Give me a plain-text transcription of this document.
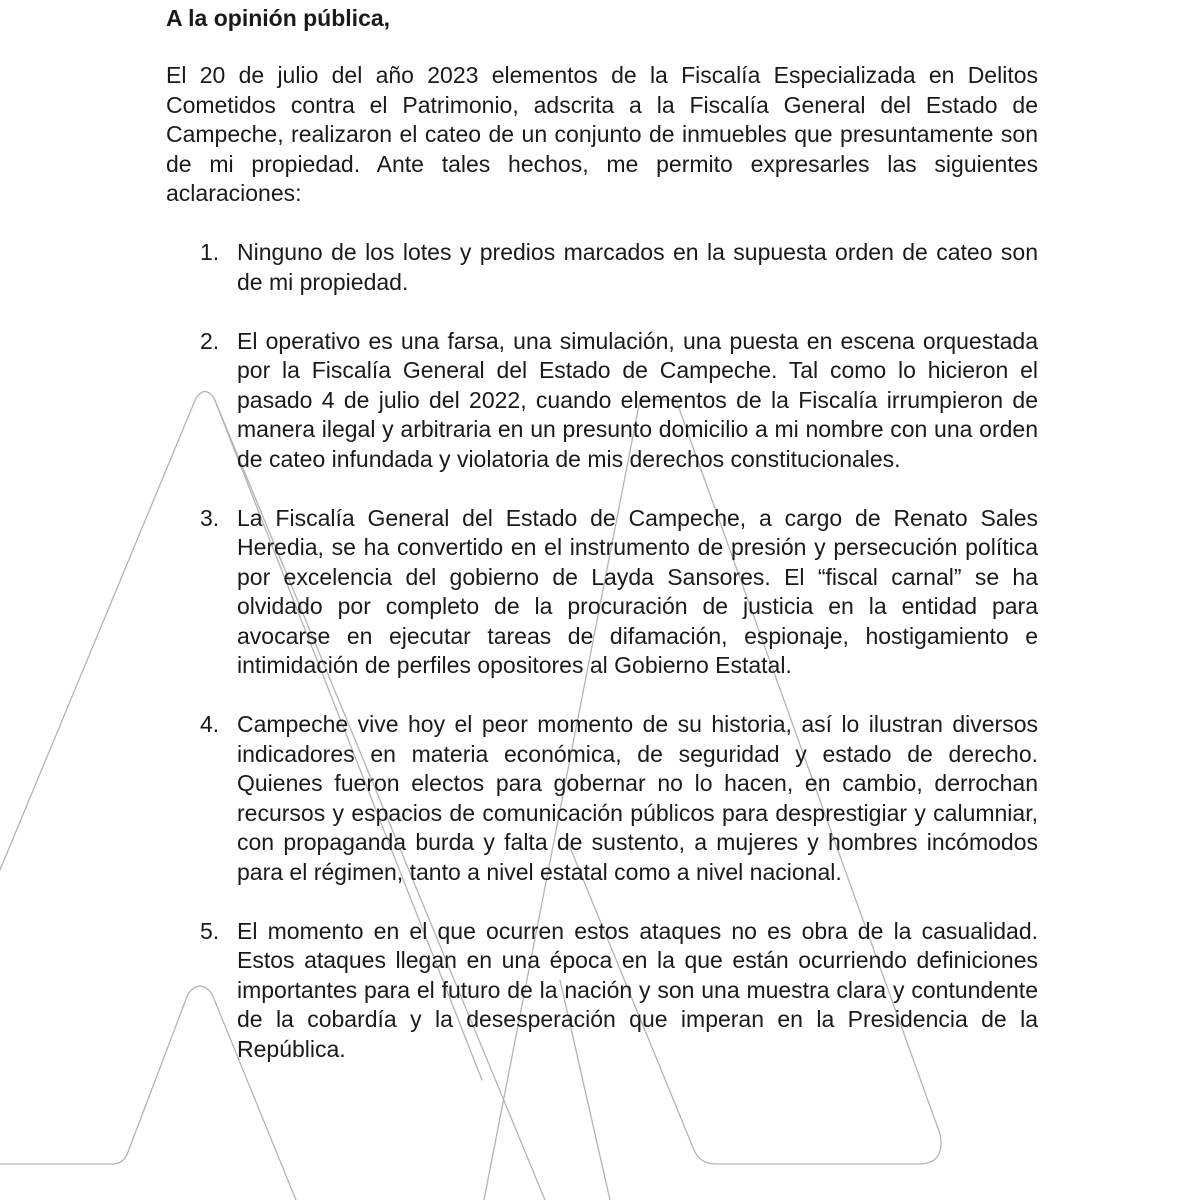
A la opinión pública,

El 20 de julio del año 2023 elementos de la Fiscalía Especializada en Delitos Cometidos contra el Patrimonio, adscrita a la Fiscalía General del Estado de Campeche, realizaron el cateo de un conjunto de inmuebles que presuntamente son de mi propiedad. Ante tales hechos, me permito expresarles las siguientes aclaraciones:

1. Ninguno de los lotes y predios marcados en la supuesta orden de cateo son de mi propiedad.
2. El operativo es una farsa, una simulación, una puesta en escena orquestada por la Fiscalía General del Estado de Campeche. Tal como lo hicieron el pasado 4 de julio del 2022, cuando elementos de la Fiscalía irrumpieron de manera ilegal y arbitraria en un presunto domicilio a mi nombre con una orden de cateo infundada y violatoria de mis derechos constitucionales.
3. La Fiscalía General del Estado de Campeche, a cargo de Renato Sales Heredia, se ha convertido en el instrumento de presión y persecución política por excelencia del gobierno de Layda Sansores. El “fiscal carnal” se ha olvidado por completo de la procuración de justicia en la entidad para avocarse en ejecutar tareas de difamación, espionaje, hostigamiento e intimidación de perfiles opositores al Gobierno Estatal.
4. Campeche vive hoy el peor momento de su historia, así lo ilustran diversos indicadores en materia económica, de seguridad y estado de derecho. Quienes fueron electos para gobernar no lo hacen, en cambio, derrochan recursos y espacios de comunicación públicos para desprestigiar y calumniar, con propaganda burda y falta de sustento, a mujeres y hombres incómodos para el régimen, tanto a nivel estatal como a nivel nacional.
5. El momento en el que ocurren estos ataques no es obra de la casualidad. Estos ataques llegan en una época en la que están ocurriendo definiciones importantes para el futuro de la nación y son una muestra clara y contundente de la cobardía y la desesperación que imperan en la Presidencia de la República.
